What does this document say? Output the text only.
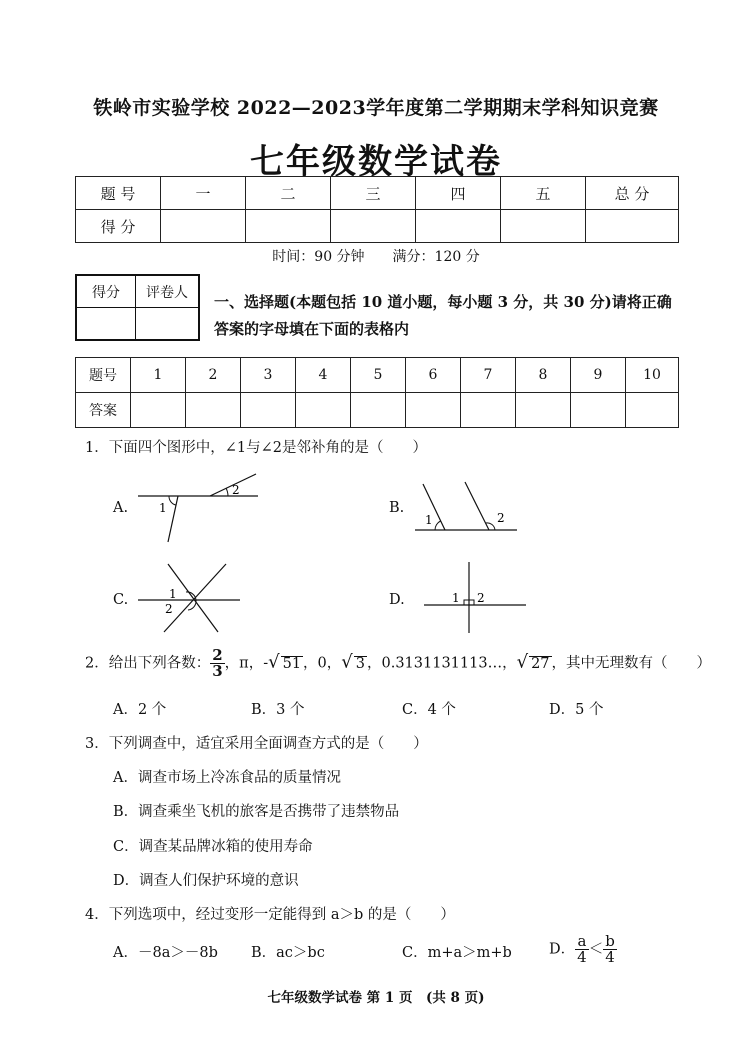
铁岭市实验学校 2022—2023学年度第二学期期末学科知识竞赛
七年级数学试卷
题 号	一	二	三	四	五	总 分
得 分						
时间：90 分钟　　满分：120 分
得分	评卷人

一、选择题(本题包括 10 道小题，每小题 3 分，共 30 分)请将正确答案的字母填在下面的表格内
题号	1	2	3	4	5	6	7	8	9	10
答案										
1．下面四个图形中，∠1与∠2是邻补角的是（　　）
A.	1
2
B.
1	2
C.	1
2
D.	1 2
2．给出下列各数： $\frac{2}{3}$ ，π，-√ 51 ，0，√ 3 ，0.3131131113…，√ 27 ，其中无理数有（　　）
A．2 个	B．3 个	C．4 个	D．5 个
3．下列调查中，适宜采用全面调查方式的是（　　）
A．调查市场上冷冻食品的质量情况
B．调查乘坐飞机的旅客是否携带了违禁物品
C．调查某品牌冰箱的使用寿命
D．调查人们保护环境的意识
4．下列选项中，经过变形一定能得到 a＞b 的是（　　）
A．－8a＞－8b B．ac＞bc	C．m+a＞m+b	D． $\frac{a}{4} < \frac{b}{4}$
七年级数学试卷 第 1 页　(共 8 页)
